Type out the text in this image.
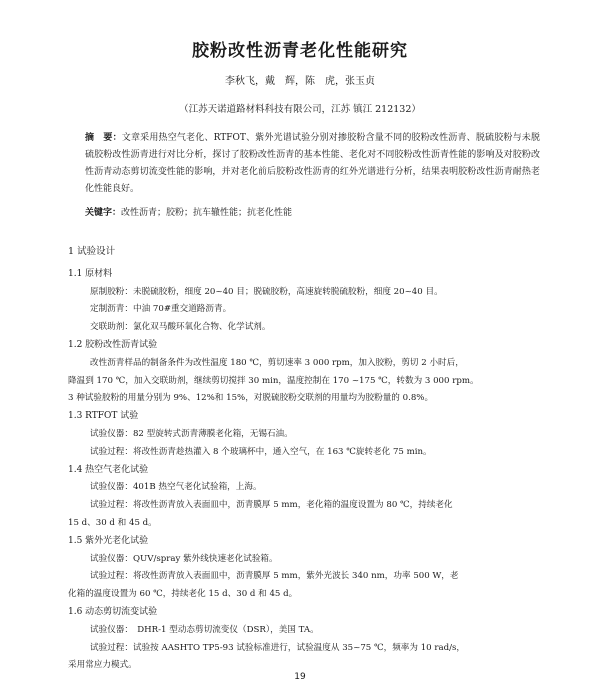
胶粉改性沥青老化性能研究
李秋飞，戴　辉，陈　虎，张玉贞
（江苏天诺道路材料科技有限公司，江苏 镇江 212132）
摘　要：文章采用热空气老化、RTFOT、紫外光谱试验分别对掺胶粉含量不同的胶粉改性沥青、脱硫胶粉与未脱硫胶粉改性沥青进行对比分析，探讨了胶粉改性沥青的基本性能、老化对不同胶粉改性沥青性能的影响及对胶粉改性沥青动态剪切流变性能的影响，并对老化前后胶粉改性沥青的红外光谱进行分析，结果表明胶粉改性沥青耐热老化性能良好。
关键字：改性沥青；胶粉；抗车辙性能；抗老化性能

1 试验设计

1.1 原材料

原制胶粉：未脱硫胶粉，细度 20~40 目；脱硫胶粉，高速旋转脱硫胶粉，细度 20~40 目。

定制沥青：中油 70#重交道路沥青。

交联助剂：氯化双马酸环氧化合物、化学试剂。

1.2 胶粉改性沥青试验

改性沥青样品的制备条件为改性温度 180 ℃，剪切速率 3 000 rpm，加入胶粉，剪切 2 小时后，

降温到 170 ℃，加入交联助剂，继续剪切搅拌 30 min，温度控制在 170 ~175 ℃，转数为 3 000 rpm。

3 种试验胶粉的用量分别为 9%、12%和 15%，对脱硫胶粉交联剂的用量均为胶粉量的 0.8%。

1.3 RTFOT 试验

试验仪器：82 型旋转式沥青薄膜老化箱，无锡石油。

试验过程：将改性沥青趁热灌入 8 个玻璃杯中，通入空气，在 163 ℃旋转老化 75 min。

1.4 热空气老化试验

试验仪器：401B 热空气老化试验箱，上海。

试验过程：将改性沥青放入表面皿中，沥青膜厚 5 mm，老化箱的温度设置为 80 ℃，持续老化

15 d、30 d 和 45 d。

1.5 紫外光老化试验

试验仪器：QUV/spray 紫外线快速老化试验箱。

试验过程：将改性沥青放入表面皿中，沥青膜厚 5 mm，紫外光波长 340 nm，功率 500 W，老

化箱的温度设置为 60 ℃，持续老化 15 d、30 d 和 45 d。

1.6 动态剪切流变试验

试验仪器：　DHR-1 型动态剪切流变仪（DSR），美国 TA。

试验过程：试验按 AASHTO TP5-93 试验标准进行，试验温度从 35~75 ℃，频率为 10 rad/s，

采用常应力模式。

19
